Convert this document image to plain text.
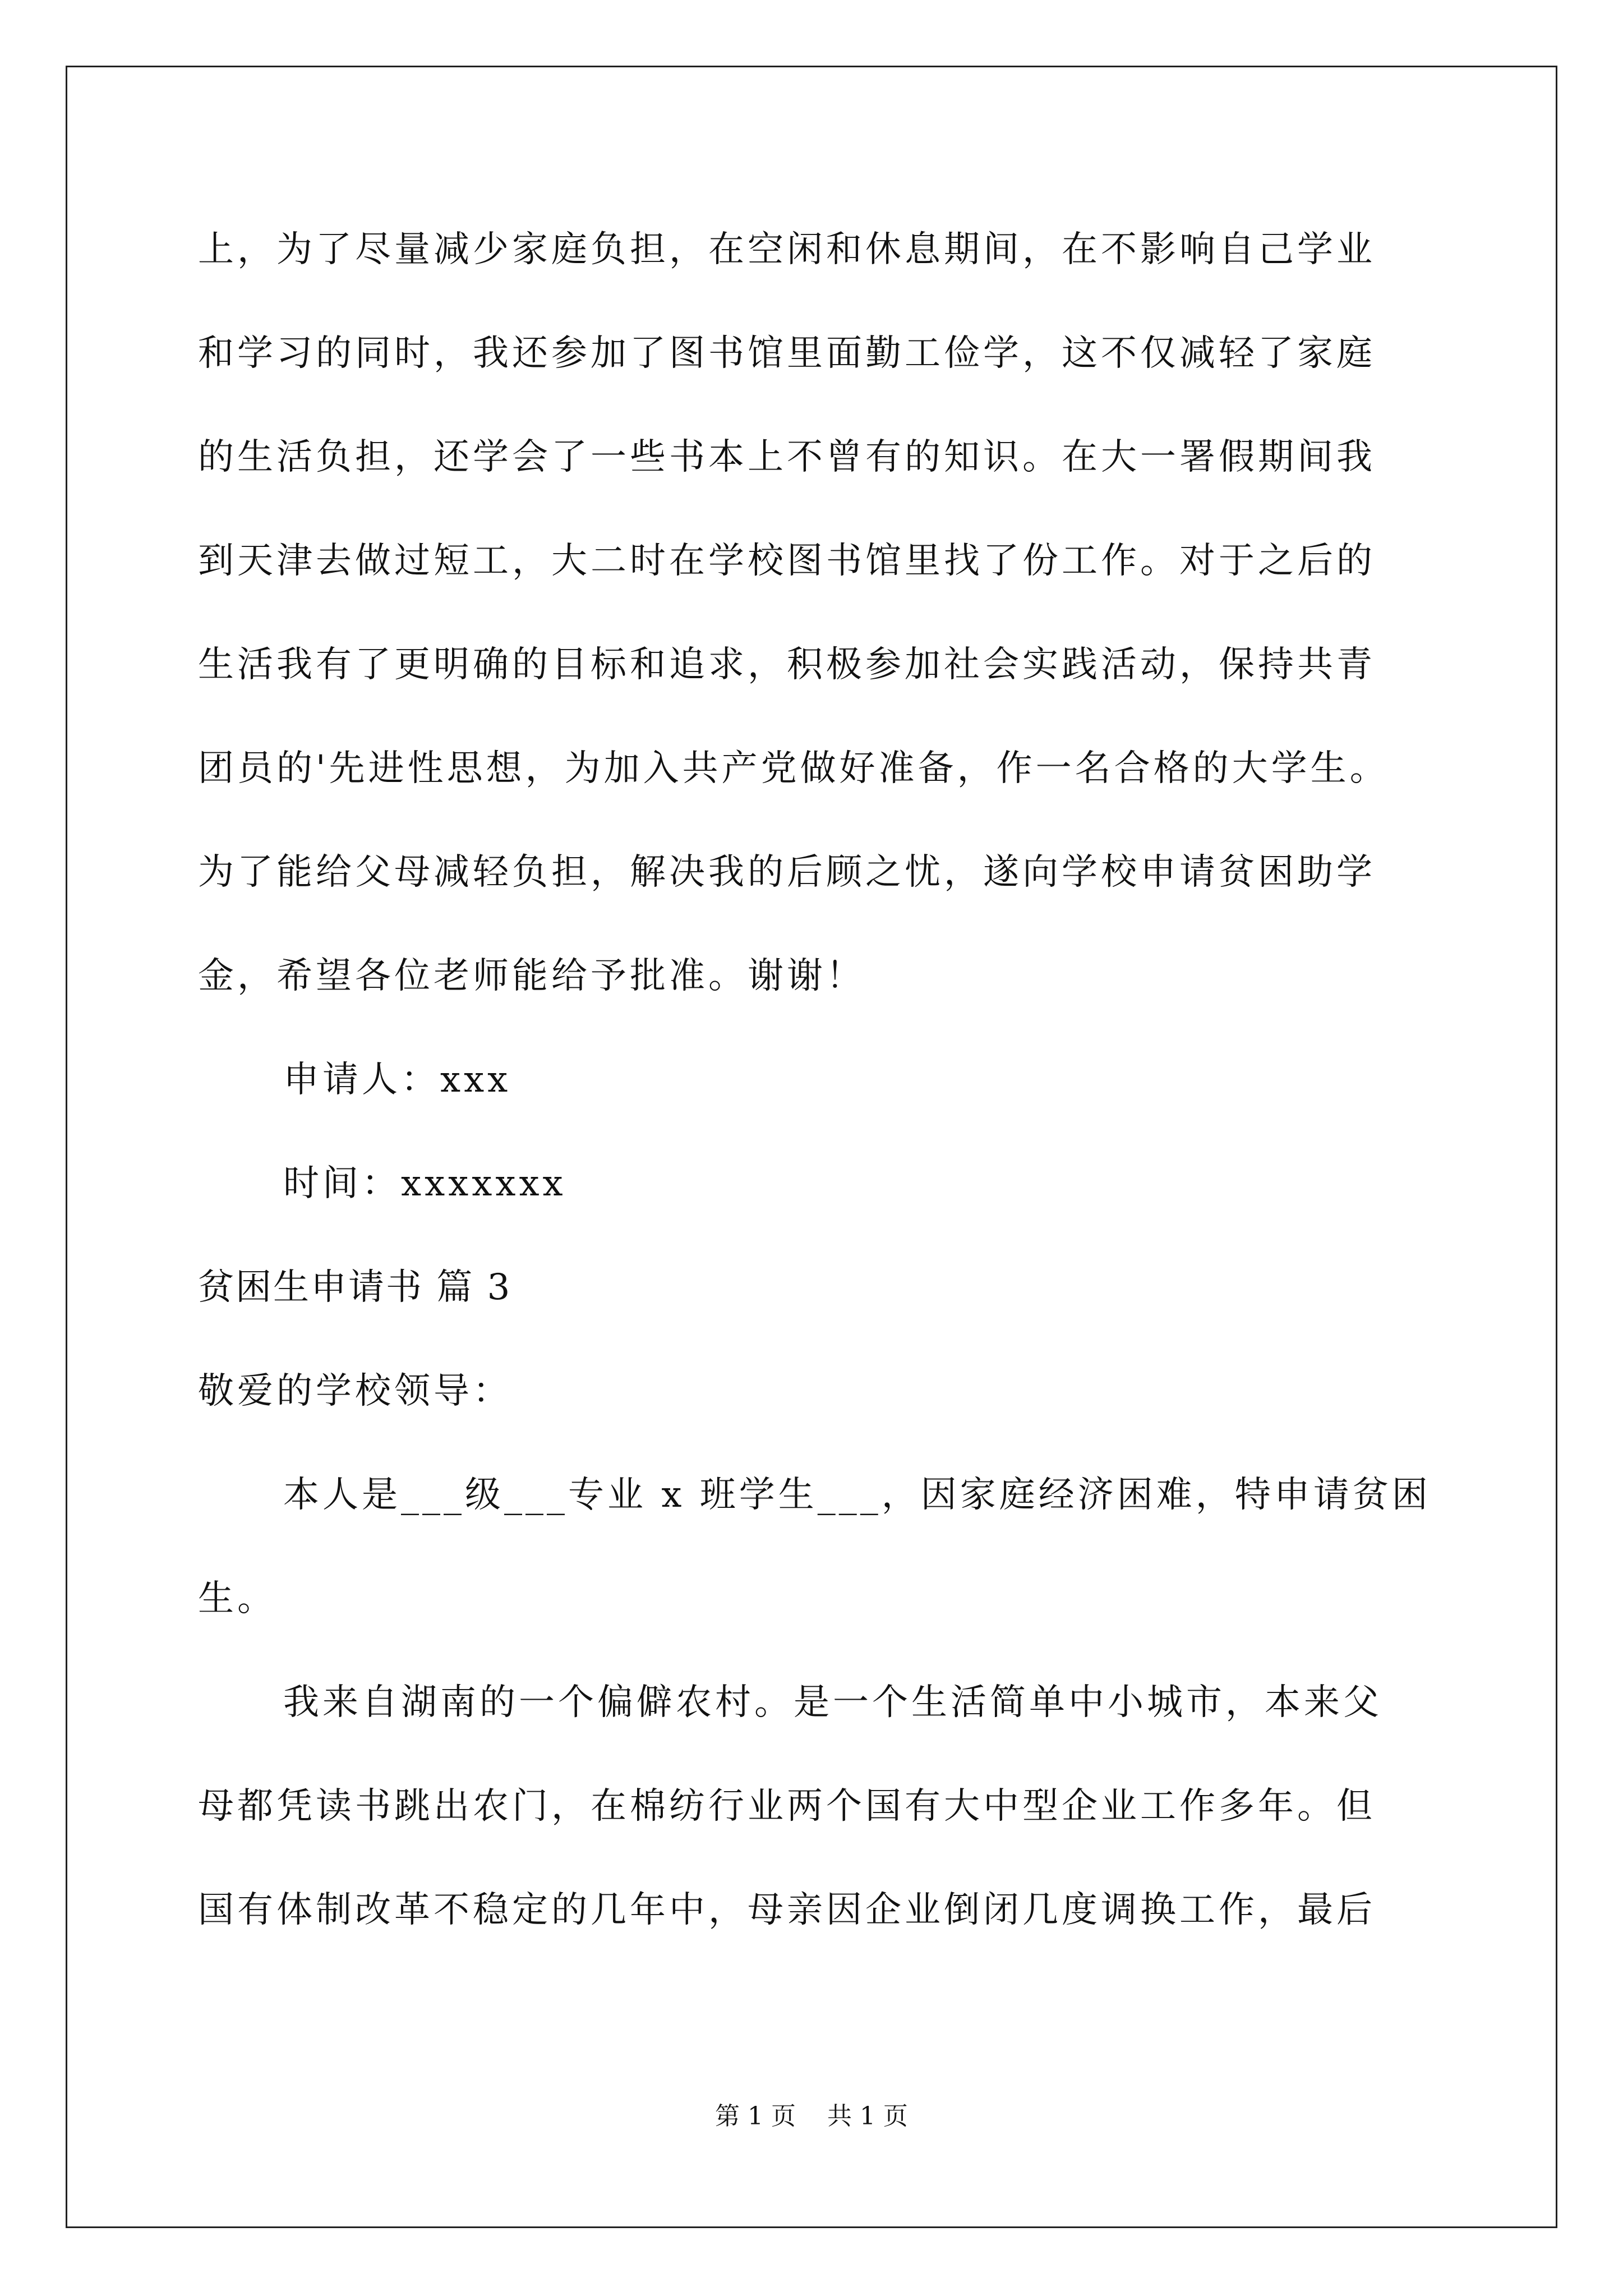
上，为了尽量减少家庭负担，在空闲和休息期间，在不影响自己学业
和学习的同时，我还参加了图书馆里面勤工俭学，这不仅减轻了家庭
的生活负担，还学会了一些书本上不曾有的知识。在大一署假期间我
到天津去做过短工，大二时在学校图书馆里找了份工作。对于之后的
生活我有了更明确的目标和追求，积极参加社会实践活动，保持共青
团员的'先进性思想，为加入共产党做好准备，作一名合格的大学生。
为了能给父母减轻负担，解决我的后顾之忧，遂向学校申请贫困助学
金，希望各位老师能给予批准。谢谢！
申请人：xxx
时间：xxxxxxx
贫困生申请书 篇 3
敬爱的学校领导：
本人是___级___专业 x 班学生___，因家庭经济困难，特申请贫困
生。
我来自湖南的一个偏僻农村。是一个生活简单中小城市，本来父
母都凭读书跳出农门，在棉纺行业两个国有大中型企业工作多年。但
国有体制改革不稳定的几年中，母亲因企业倒闭几度调换工作，最后
第 1 页    共 1 页
